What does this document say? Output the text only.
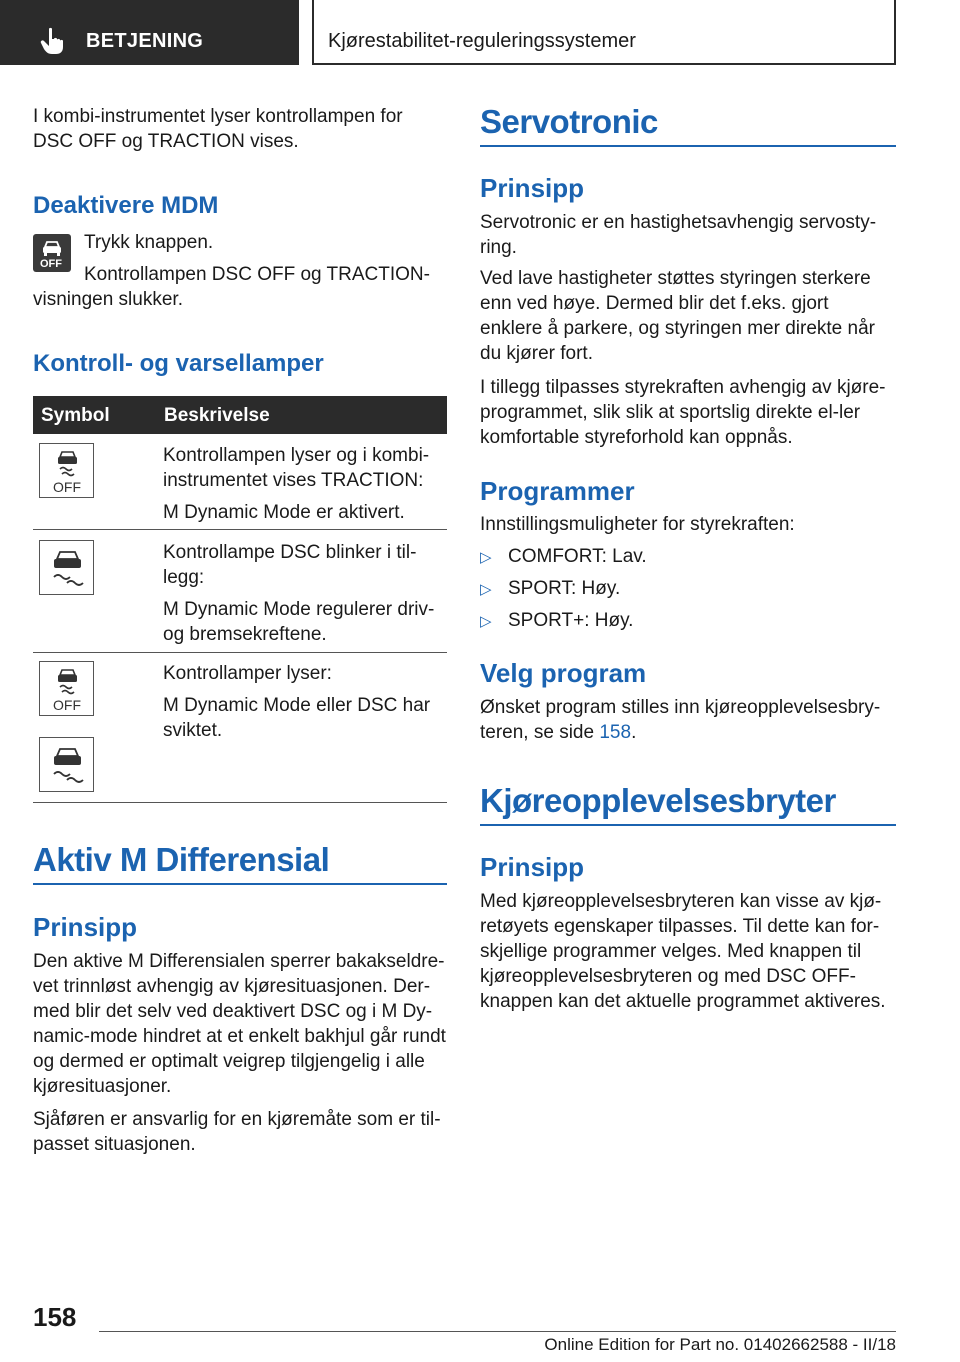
BETJENING	Kjørestabilitet-reguleringssystemer

I kombi-instrumentet lyser kontrollampen for DSC OFF og TRACTION vises.

Deaktivere MDM
OFF

Trykk knappen.

Kontrollampen DSC OFF og TRACTION-

visningen slukker.

Kontroll- og varsellamper
Symbol	Beskrivelse
OFF

Kontrollampen lyser og i kombi-instrumentet vises TRACTION:

M Dynamic Mode er aktivert.

Kontrollampe DSC blinker i til-legg:

M Dynamic Mode regulerer driv- og bremsekreftene.

OFF

Kontrollamper lyser:

M Dynamic Mode eller DSC har sviktet.

Aktiv M Differensial
Prinsipp

Den aktive M Differensialen sperrer bakakseldre-vet trinnløst avhengig av kjøresituasjonen. Der-med blir det selv ved deaktivert DSC og i M Dy-namic-mode hindret at et enkelt bakhjul går rundt og dermed er optimalt veigrep tilgjengelig i alle kjøresituasjoner.

Sjåføren er ansvarlig for en kjøremåte som er til-passet situasjonen.

Servotronic
Prinsipp

Servotronic er en hastighetsavhengig servosty-ring.

Ved lave hastigheter støttes styringen sterkere enn ved høye. Dermed blir det f.eks. gjort enklere å parkere, og styringen mer direkte når du kjører fort.

I tillegg tilpasses styrekraften avhengig av kjøre-programmet, slik slik at sportslig direkte el-ler komfortable styreforhold kan oppnås.

Programmer

Innstillingsmuligheter for styrekraften:

▷ COMFORT: Lav.

▷ SPORT: Høy.

▷ SPORT+: Høy.

Velg program

Ønsket program stilles inn kjøreopplevelsesbry-teren, se side 158.

Kjøreopplevelsesbryter
Prinsipp

Med kjøreopplevelsesbryteren kan visse av kjø-retøyets egenskaper tilpasses. Til dette kan for-skjellige programmer velges. Med knappen til kjøreopplevelsesbryteren og med DSC OFF-knappen kan det aktuelle programmet aktiveres.

158
Online Edition for Part no. 01402662588 - II/18
